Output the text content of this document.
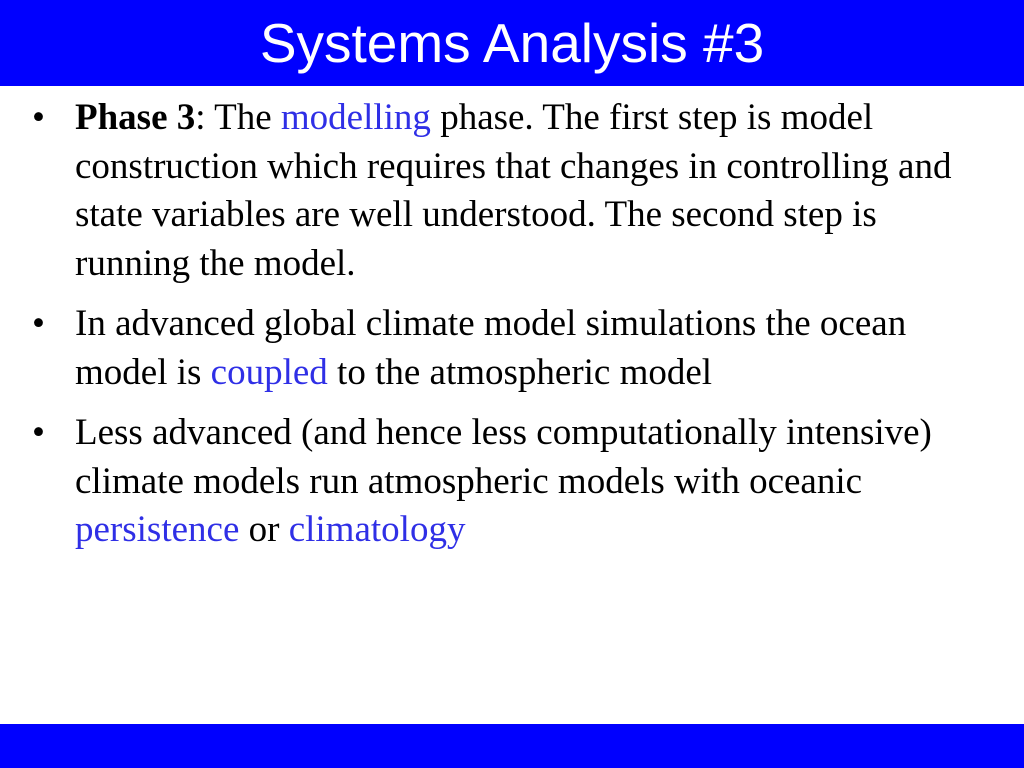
Systems Analysis #3
• Phase 3: The modelling phase. The first step is model construction which requires that changes in controlling and state variables are well understood. The second step is running the model.
• In advanced global climate model simulations the ocean model is coupled to the atmospheric model
• Less advanced (and hence less computationally intensive) climate models run atmospheric models with oceanic persistence or climatology
